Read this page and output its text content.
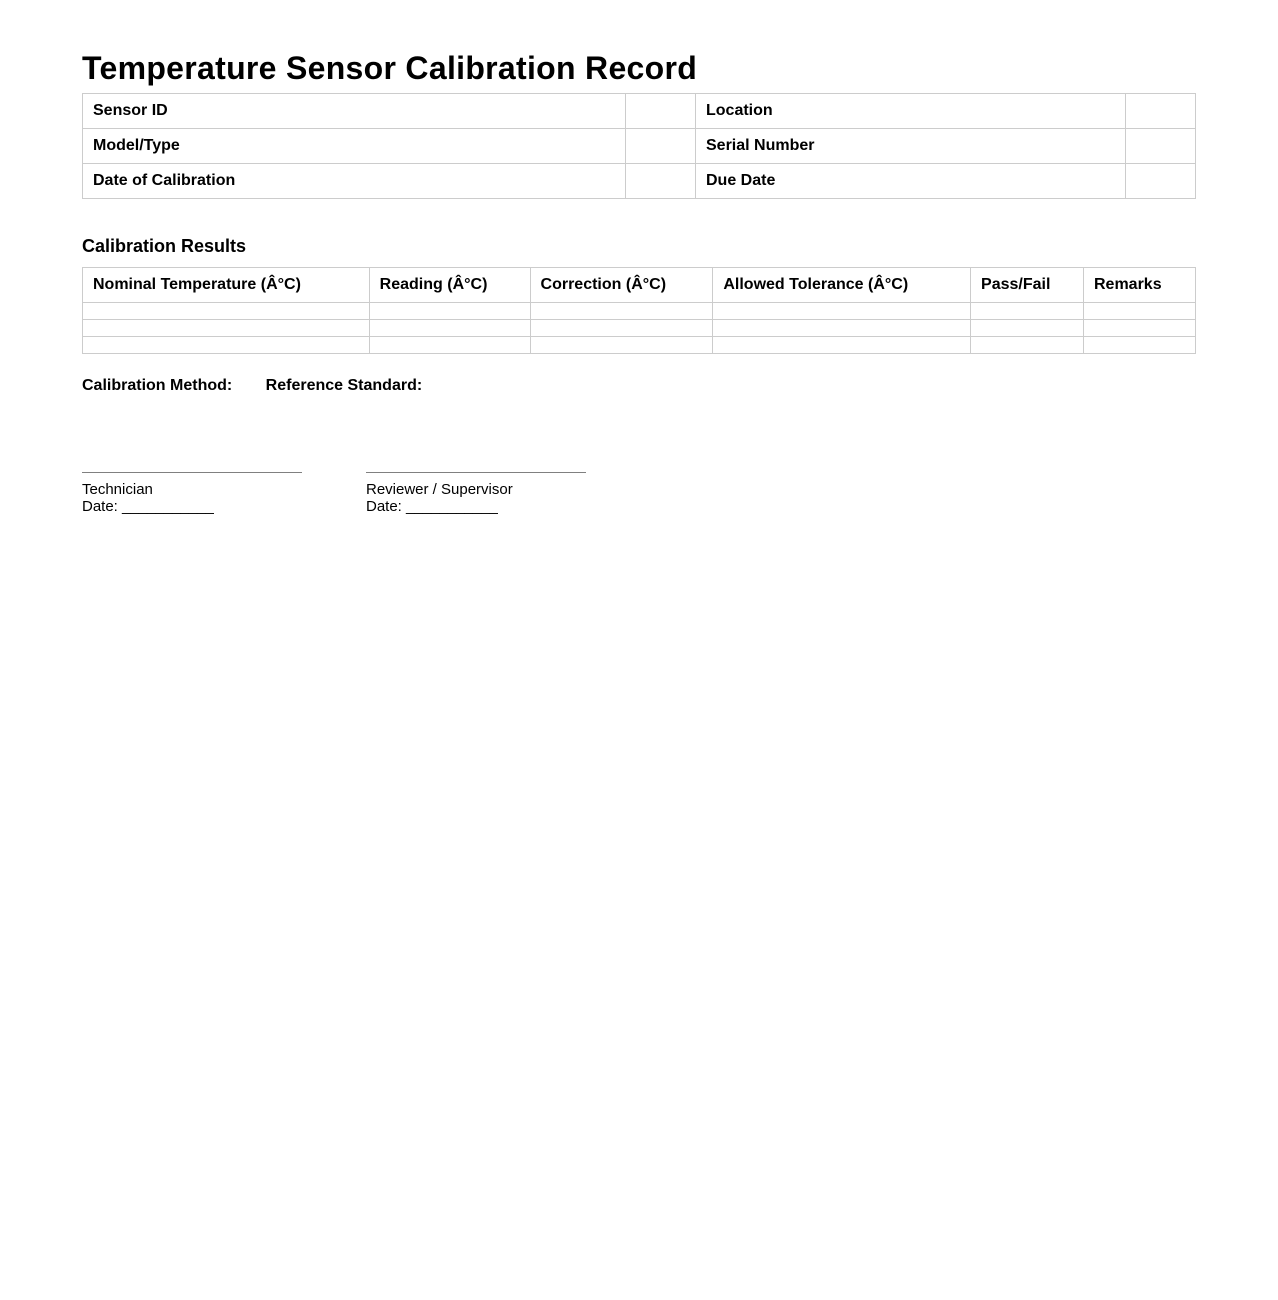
Temperature Sensor Calibration Record
Sensor ID		Location	
Model/Type		Serial Number	
Date of Calibration		Due Date	
Calibration Results
Nominal Temperature (Â°C)	Reading (Â°C)	Correction (Â°C)	Allowed Tolerance (Â°C)	Pass/Fail	Remarks

Calibration Method: Reference Standard:
Technician
Date: ___________
Reviewer / Supervisor
Date: ___________
